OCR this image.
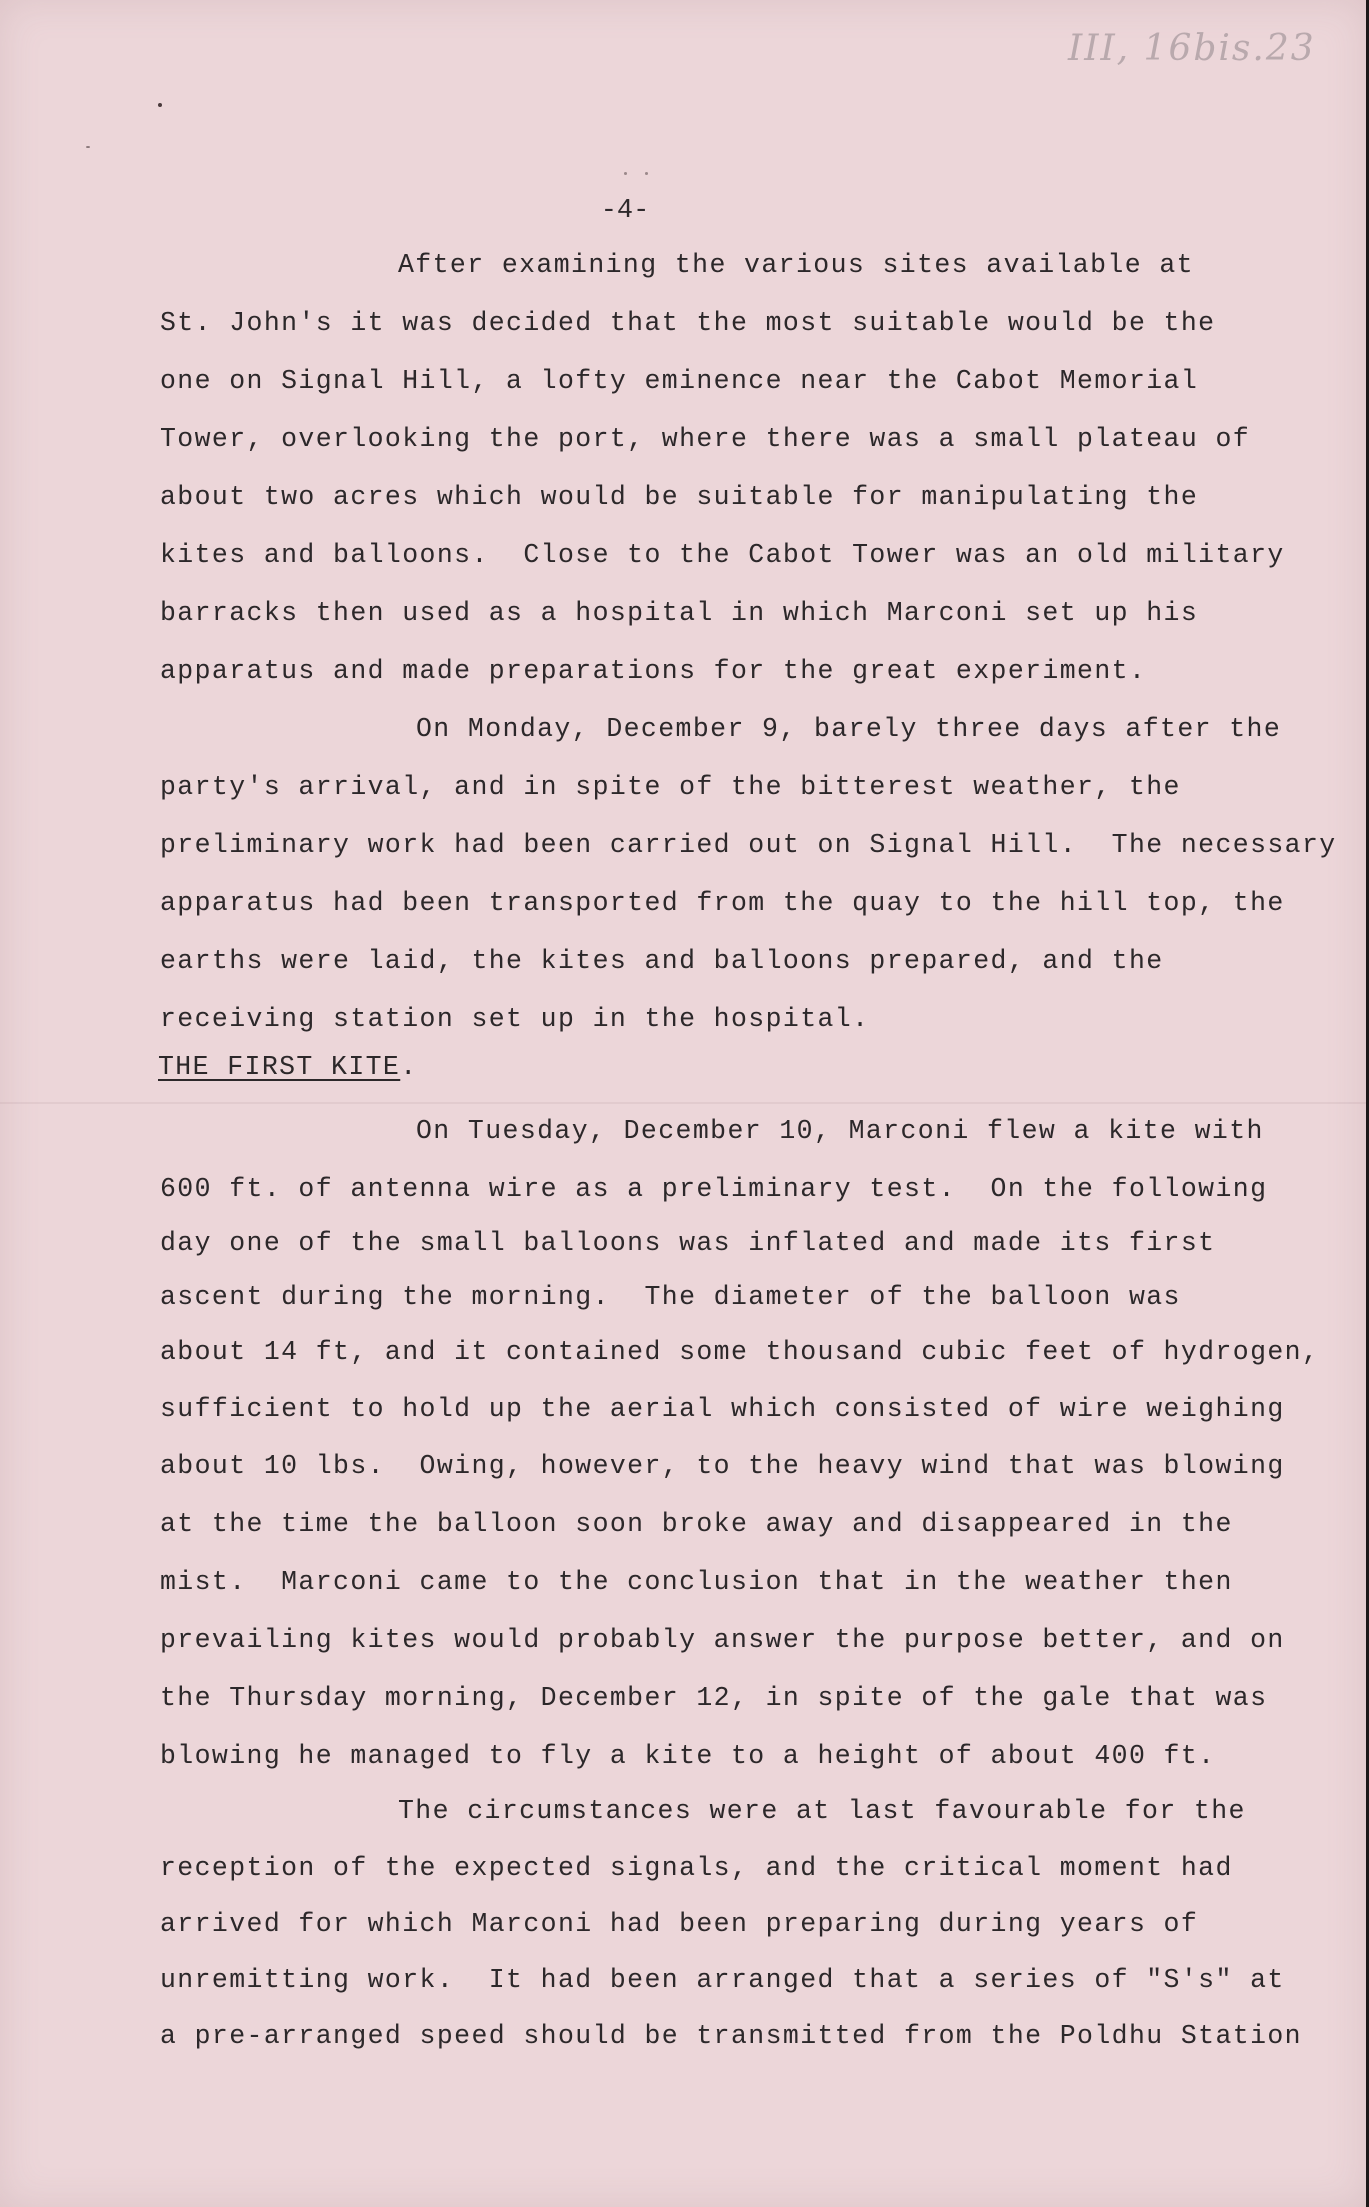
III, 16bis.23
-4-
After examining the various sites available at
St. John's it was decided that the most suitable would be the
one on Signal Hill, a lofty eminence near the Cabot Memorial
Tower, overlooking the port, where there was a small plateau of
about two acres which would be suitable for manipulating the
kites and balloons.  Close to the Cabot Tower was an old military
barracks then used as a hospital in which Marconi set up his
apparatus and made preparations for the great experiment.
On Monday, December 9, barely three days after the
party's arrival, and in spite of the bitterest weather, the
preliminary work had been carried out on Signal Hill.  The necessary
apparatus had been transported from the quay to the hill top, the
earths were laid, the kites and balloons prepared, and the
receiving station set up in the hospital.
THE FIRST KITE.
On Tuesday, December 10, Marconi flew a kite with
600 ft. of antenna wire as a preliminary test.  On the following
day one of the small balloons was inflated and made its first
ascent during the morning.  The diameter of the balloon was
about 14 ft, and it contained some thousand cubic feet of hydrogen,
sufficient to hold up the aerial which consisted of wire weighing
about 10 lbs.  Owing, however, to the heavy wind that was blowing
at the time the balloon soon broke away and disappeared in the
mist.  Marconi came to the conclusion that in the weather then
prevailing kites would probably answer the purpose better, and on
the Thursday morning, December 12, in spite of the gale that was
blowing he managed to fly a kite to a height of about 400 ft.
The circumstances were at last favourable for the
reception of the expected signals, and the critical moment had
arrived for which Marconi had been preparing during years of
unremitting work.  It had been arranged that a series of "S's" at
a pre-arranged speed should be transmitted from the Poldhu Station
